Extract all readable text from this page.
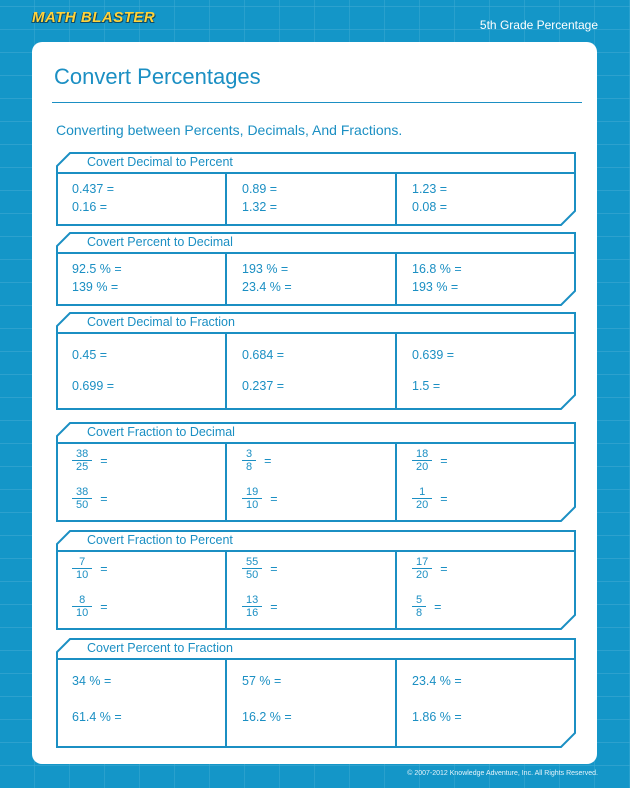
MATH BLASTER	5th Grade Percentage
Convert Percentages
Converting between Percents, Decimals, And Fractions.
Covert Decimal to Percent
0.437 =
0.16 =
0.89 =
1.32 =
1.23 =
0.08 =
Covert Percent to Decimal
92.5 % =
139 % =
193 % =
23.4 % =
16.8 % =
193 % =
Covert Decimal to Fraction
0.45 =
0.699 =
0.684 =
0.237 =
0.639 =
1.5 =
Covert Fraction to Decimal
$\frac{38}{25}$ =
$\frac{38}{50}$ =
$\frac{3}{8}$ =
$\frac{19}{10}$ =
$\frac{18}{20}$ =
$\frac{1}{20}$ =
Covert Fraction to Percent
$\frac{7}{10}$ =
$\frac{8}{10}$ =
$\frac{55}{50}$ =
$\frac{13}{16}$ =
$\frac{17}{20}$ =
$\frac{5}{8}$ =
Covert Percent to Fraction
34 % =
61.4 % =
57 % =
16.2 % =
23.4 % =
1.86 % =
© 2007-2012 Knowledge Adventure, Inc. All Rights Reserved.
